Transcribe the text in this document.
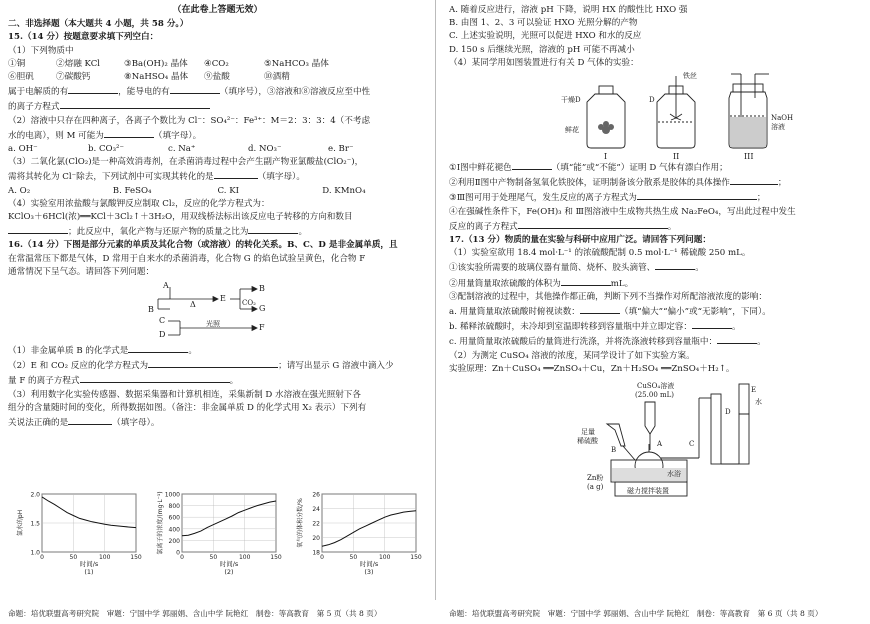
（在此卷上答题无效）
二、非选择题（本大题共 4 小题，共 58 分。）
15.（14 分）按题意要求填下列空白：
（1）下列物质中
①铜	②熔融 KCl	③Ba(OH)₂ 晶体	④CO₂	⑤NaHCO₃ 晶体
⑥胆矾	⑦碳酸钙	⑧NaHSO₄ 晶体	⑨盐酸	⑩酒精
属于电解质的有	，能导电的有	（填序号），③溶液和⑧溶液反应至中性
的离子方程式
（2）溶液中只存在四种离子，各离子个数比为 Cl⁻：SO₄²⁻：Fe³⁺：M＝2：3：3：4（不考虑
水的电离），则 M 可能为	（填字母）。
a. OH⁻	b. CO₃²⁻	c. Na⁺	d. NO₃⁻	e. Br⁻
（3）二氧化氯(ClO₂)是一种高效消毒剂，在杀菌消毒过程中会产生副产物亚氯酸盐(ClO₂⁻)，
需将其转化为 Cl⁻除去，下列试剂中可实现其转化的是	（填字母）。
A. O₂	B. FeSO₄	C. KI	D. KMnO₄
（4）实验室用浓盐酸与氯酸钾反应制取 Cl₂，反应的化学方程式为：
KClO₃＋6HCl(浓)══KCl＋3Cl₂↑＋3H₂O，用双线桥法标出该反应电子转移的方向和数目
；此反应中，氧化产物与还原产物的质量之比为	。
16.（14 分）下图是部分元素的单质及其化合物（或溶液）的转化关系。B、C、D 是非金属单质，且
在常温常压下都是气体，D 常用于自来水的杀菌消毒，化合物 G 的焰色试验呈黄色，化合物 F
通常情况下呈气态。请回答下列问题：
A
B
Δ
E CO₂
B
G
C
D
光照	F
（1）非金属单质 B 的化学式是	。
（2）E 和 CO₂ 反应的化学方程式为	；请写出显示 G 溶液中滴入少
量 F 的离子方程式	。
（3）利用数字化实验传感器、数据采集器和计算机相连，采集新制 D 水溶液在强光照射下各
组分的含量随时间的变化，所得数据如图。（备注：非金属单质 D 的化学式用 X₂ 表示）下列有
关说法正确的是	（填字母）。
1.0
1.5
2.0
0	50	100	150
时间/s
(1)
氯水的pH
0
200
400
600
800
1000
0	50	100	150
时间/s
(2)
氯离子的浓度/(mg·L⁻¹)	18
20
22
24
26
0	50	100	150
时间/s
(3)
氧气的体积分数/%
命题：培优联盟高考研究院　审题：宁国中学 郭丽娟、含山中学 阮艳红　制卷：等高教育　第 5 页（共 8 页）
A. 随着反应进行，溶液 pH 下降，说明 HX 的酸性比 HXO 强
B. 由图 1、2、3 可以验证 HXO 光照分解的产物
C. 上述实验说明，光照可以促进 HXO 和水的反应
D. 150 s 后继续光照，溶液的 pH 可能不再减小
（4）某同学用如图装置进行有关 D 气体的实验：
干燥D
鲜花
D
铁丝
NaOH
溶液
I	II	III
①Ⅰ图中鲜花褪色	（填“能”或“不能”）证明 D 气体有漂白作用；
②利用Ⅱ图中产物制备氢氧化铁胶体，证明制备该分散系是胶体的具体操作	；
③Ⅲ图可用于处理尾气，发生反应的离子方程式为	；
④在强碱性条件下，Fe(OH)₃ 和 Ⅲ图溶液中生成物共热生成 Na₂FeO₄，写出此过程中发生
反应的离子方程式	。
17.（13 分）物质的量在实验与科研中应用广泛。请回答下列问题：
（1）实验室欲用 18.4 mol·L⁻¹ 的浓硫酸配制 0.5 mol·L⁻¹ 稀硫酸 250 mL。
①该实验所需要的玻璃仪器有量筒、烧杯、胶头滴管、	。
②用量筒量取浓硫酸的体积为	mL。
③配制溶液的过程中，其他操作都正确，判断下列不当操作对所配溶液浓度的影响：
a. 用量筒量取浓硫酸时俯视读数：	（填“偏大”“偏小”或“无影响”，下同）。
b. 稀释浓硫酸时，未冷却到室温即转移到容量瓶中并立即定容：	。
c. 用量筒量取浓硫酸后的量筒进行洗涤，并将洗涤液转移到容量瓶中：	。
（2）为测定 CuSO₄ 溶液的浓度，某同学设计了如下实验方案。
实验原理：Zn＋CuSO₄ ══ZnSO₄＋Cu，Zn＋H₂SO₄ ══ZnSO₄＋H₂↑。
CuSO₄溶液
(25.00 mL)
足量
稀硫酸
Zn粉
(a g)
水浴
水
A
B
C
D
E
磁力搅拌装置
命题：培优联盟高考研究院　审题：宁国中学 郭丽娟、含山中学 阮艳红　制卷：等高教育　第 6 页（共 8 页）
